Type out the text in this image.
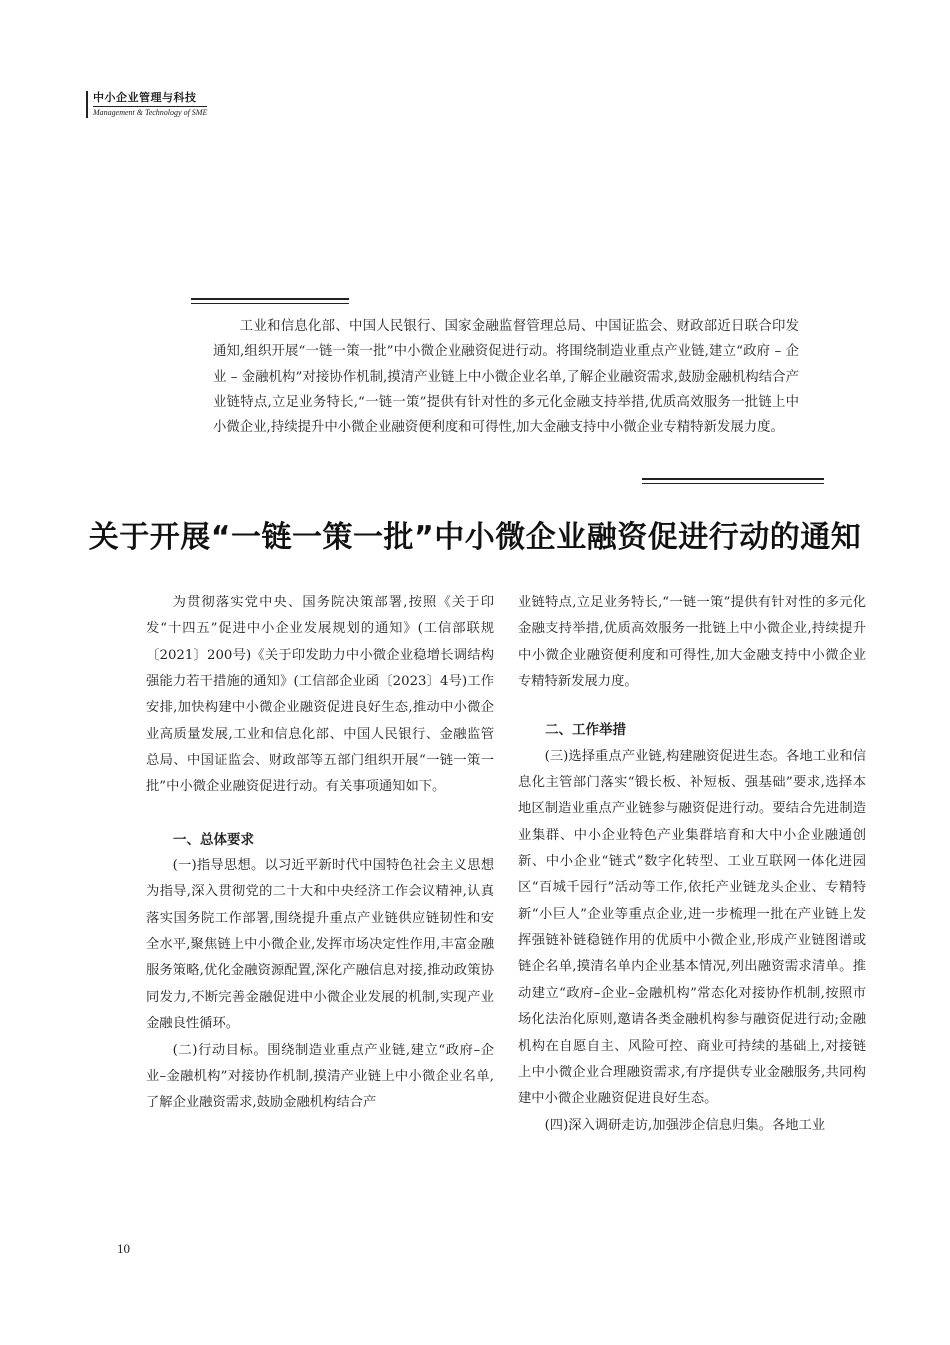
中小企业管理与科技
Management & Technology of SME
工业和信息化部、中国人民银行、国家金融监督管理总局、中国证监会、财政部近日联合印发通知,组织开展“一链一策一批”中小微企业融资促进行动。将围绕制造业重点产业链,建立“政府 – 企业 – 金融机构”对接协作机制,摸清产业链上中小微企业名单,了解企业融资需求,鼓励金融机构结合产业链特点,立足业务特长,“一链一策”提供有针对性的多元化金融支持举措,优质高效服务一批链上中小微企业,持续提升中小微企业融资便利度和可得性,加大金融支持中小微企业专精特新发展力度。
关于开展“一链一策一批”中小微企业融资促进行动的通知

为贯彻落实党中央、国务院决策部署,按照《关于印发“十四五”促进中小企业发展规划的通知》(工信部联规〔2021〕200号)《关于印发助力中小微企业稳增长调结构强能力若干措施的通知》(工信部企业函〔2023〕4号)工作安排,加快构建中小微企业融资促进良好生态,推动中小微企业高质量发展,工业和信息化部、中国人民银行、金融监管总局、中国证监会、财政部等五部门组织开展“一链一策一批”中小微企业融资促进行动。有关事项通知如下。

一、总体要求

(一)指导思想。以习近平新时代中国特色社会主义思想为指导,深入贯彻党的二十大和中央经济工作会议精神,认真落实国务院工作部署,围绕提升重点产业链供应链韧性和安全水平,聚焦链上中小微企业,发挥市场决定性作用,丰富金融服务策略,优化金融资源配置,深化产融信息对接,推动政策协同发力,不断完善金融促进中小微企业发展的机制,实现产业金融良性循环。

(二)行动目标。围绕制造业重点产业链,建立“政府–企业–金融机构”对接协作机制,摸清产业链上中小微企业名单,了解企业融资需求,鼓励金融机构结合产

业链特点,立足业务特长,“一链一策”提供有针对性的多元化金融支持举措,优质高效服务一批链上中小微企业,持续提升中小微企业融资便利度和可得性,加大金融支持中小微企业专精特新发展力度。

二、工作举措

(三)选择重点产业链,构建融资促进生态。各地工业和信息化主管部门落实“锻长板、补短板、强基础”要求,选择本地区制造业重点产业链参与融资促进行动。要结合先进制造业集群、中小企业特色产业集群培育和大中小企业融通创新、中小企业“链式”数字化转型、工业互联网一体化进园区“百城千园行”活动等工作,依托产业链龙头企业、专精特新“小巨人”企业等重点企业,进一步梳理一批在产业链上发挥强链补链稳链作用的优质中小微企业,形成产业链图谱或链企名单,摸清名单内企业基本情况,列出融资需求清单。推动建立“政府–企业–金融机构”常态化对接协作机制,按照市场化法治化原则,邀请各类金融机构参与融资促进行动;金融机构在自愿自主、风险可控、商业可持续的基础上,对接链上中小微企业合理融资需求,有序提供专业金融服务,共同构建中小微企业融资促进良好生态。

(四)深入调研走访,加强涉企信息归集。各地工业

10
